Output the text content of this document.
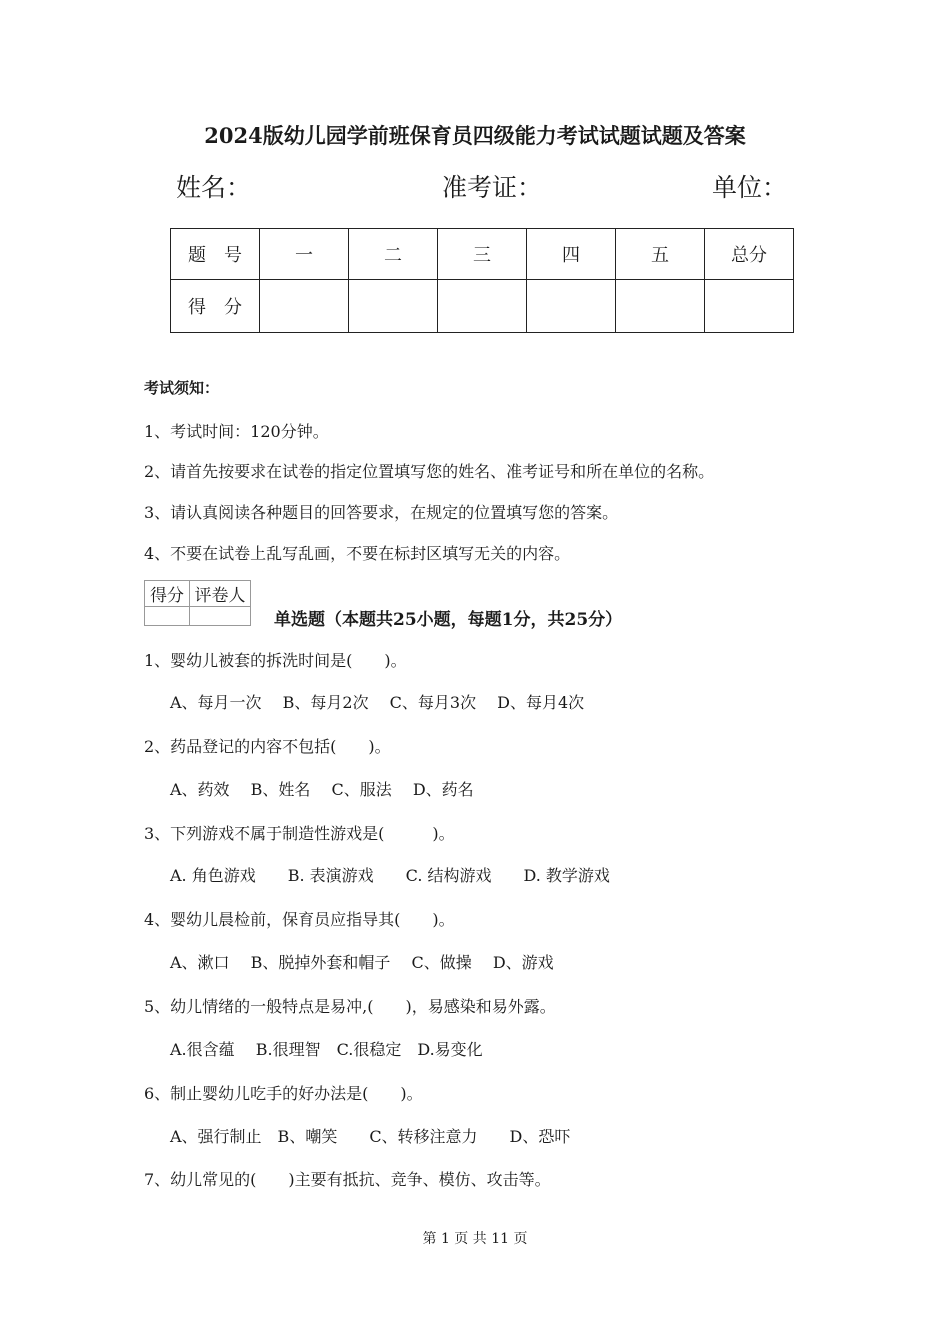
2024版幼儿园学前班保育员四级能力考试试题试题及答案
姓名：	准考证：	单位：
题　号	一	二	三	四	五	总分
得　分						
考试须知：
1、考试时间：120分钟。
2、请首先按要求在试卷的指定位置填写您的姓名、准考证号和所在单位的名称。
3、请认真阅读各种题目的回答要求，在规定的位置填写您的答案。
4、不要在试卷上乱写乱画，不要在标封区填写无关的内容。
得分	评卷人

单选题（本题共25小题，每题1分，共25分）
1、婴幼儿被套的拆洗时间是(　　)。
A、每月一次　 B、每月2次　 C、每月3次　 D、每月4次
2、药品登记的内容不包括(　　)。
A、药效　 B、姓名　 C、服法　 D、药名
3、下列游戏不属于制造性游戏是(　　　)。
A. 角色游戏　　B. 表演游戏　　C. 结构游戏　　D. 教学游戏
4、婴幼儿晨检前，保育员应指导其(　　)。
A、漱口　 B、脱掉外套和帽子　 C、做操　 D、游戏
5、幼儿情绪的一般特点是易冲,(　　)，易感染和易外露。
A.很含蕴　 B.很理智　C.很稳定　D.易变化
6、制止婴幼儿吃手的好办法是(　　)。
A、强行制止　B、嘲笑　　C、转移注意力　　D、恐吓
7、幼儿常见的(　　)主要有抵抗、竞争、模仿、攻击等。
第 1 页 共 11 页
